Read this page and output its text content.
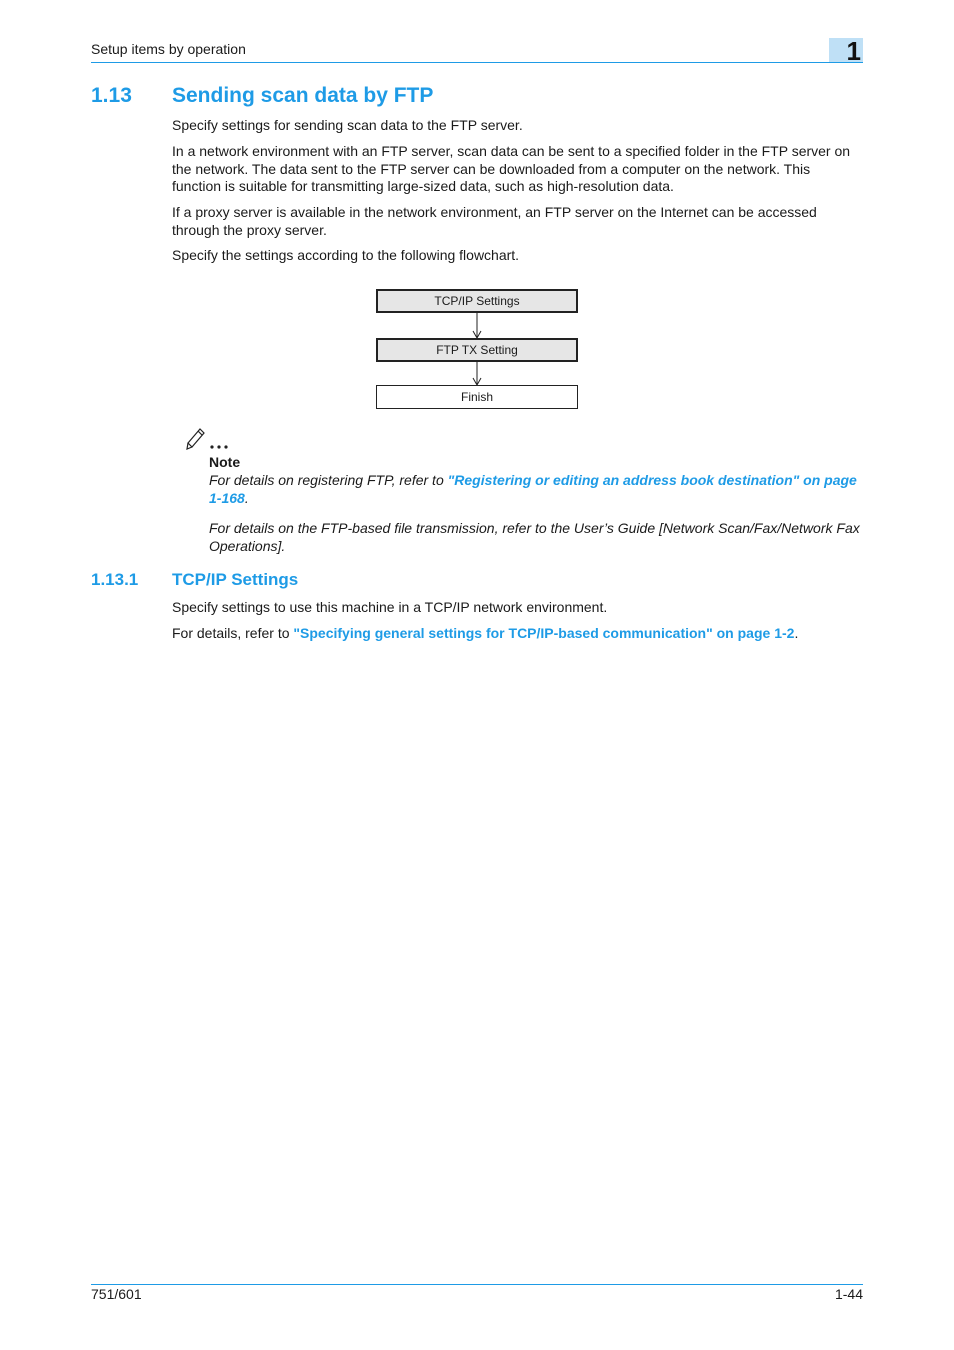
Setup items by operation	1
1.13 Sending scan data by FTP
Specify settings for sending scan data to the FTP server.
In a network environment with an FTP server, scan data can be sent to a specified folder in the FTP server on the network. The data sent to the FTP server can be downloaded from a computer on the network. This function is suitable for transmitting large-sized data, such as high-resolution data.
If a proxy server is available in the network environment, an FTP server on the Internet can be accessed through the proxy server.
Specify the settings according to the following flowchart.
TCP/IP Settings
FTP TX Setting
Finish
Note
For details on registering FTP, refer to "Registering or editing an address book destination" on page 1-168.
For details on the FTP-based file transmission, refer to the User’s Guide [Network Scan/Fax/Network Fax Operations].
1.13.1 TCP/IP Settings
Specify settings to use this machine in a TCP/IP network environment.
For details, refer to "Specifying general settings for TCP/IP-based communication" on page 1-2.
751/601	1-44
